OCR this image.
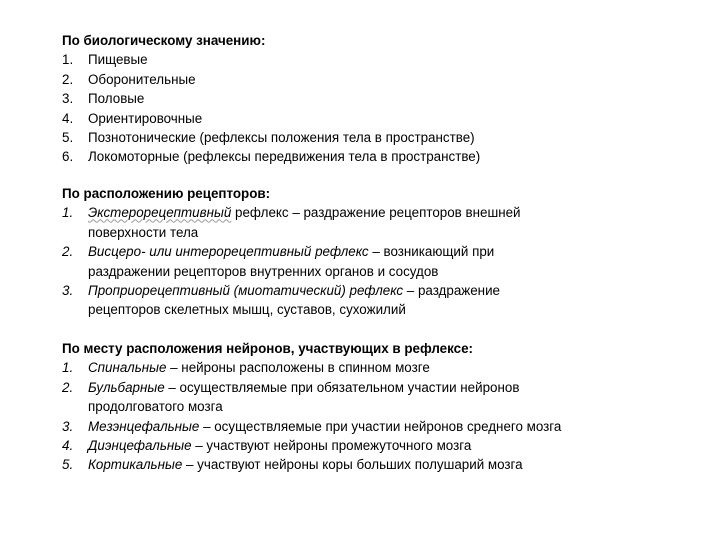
По биологическому значению:
1. Пищевые
2. Оборонительные
3. Половые
4. Ориентировочные
5. Познотонические (рефлексы положения тела в пространстве)
6. Локомоторные (рефлексы передвижения тела в пространстве)
По расположению рецепторов:
1. Экстерорецептивный рефлекс – раздражение рецепторов внешней
поверхности тела
2. Висцеро- или интерорецептивный рефлекс – возникающий при
раздражении рецепторов внутренних органов и сосудов
3. Проприорецептивный (миотатический) рефлекс – раздражение
рецепторов скелетных мышц, суставов, сухожилий
По месту расположения нейронов, участвующих в рефлексе:
1. Спинальные – нейроны расположены в спинном мозге
2. Бульбарные – осуществляемые при обязательном участии нейронов
продолговатого мозга
3. Мезэнцефальные – осуществляемые при участии нейронов среднего мозга
4. Диэнцефальные – участвуют нейроны промежуточного мозга
5. Кортикальные – участвуют нейроны коры больших полушарий мозга
